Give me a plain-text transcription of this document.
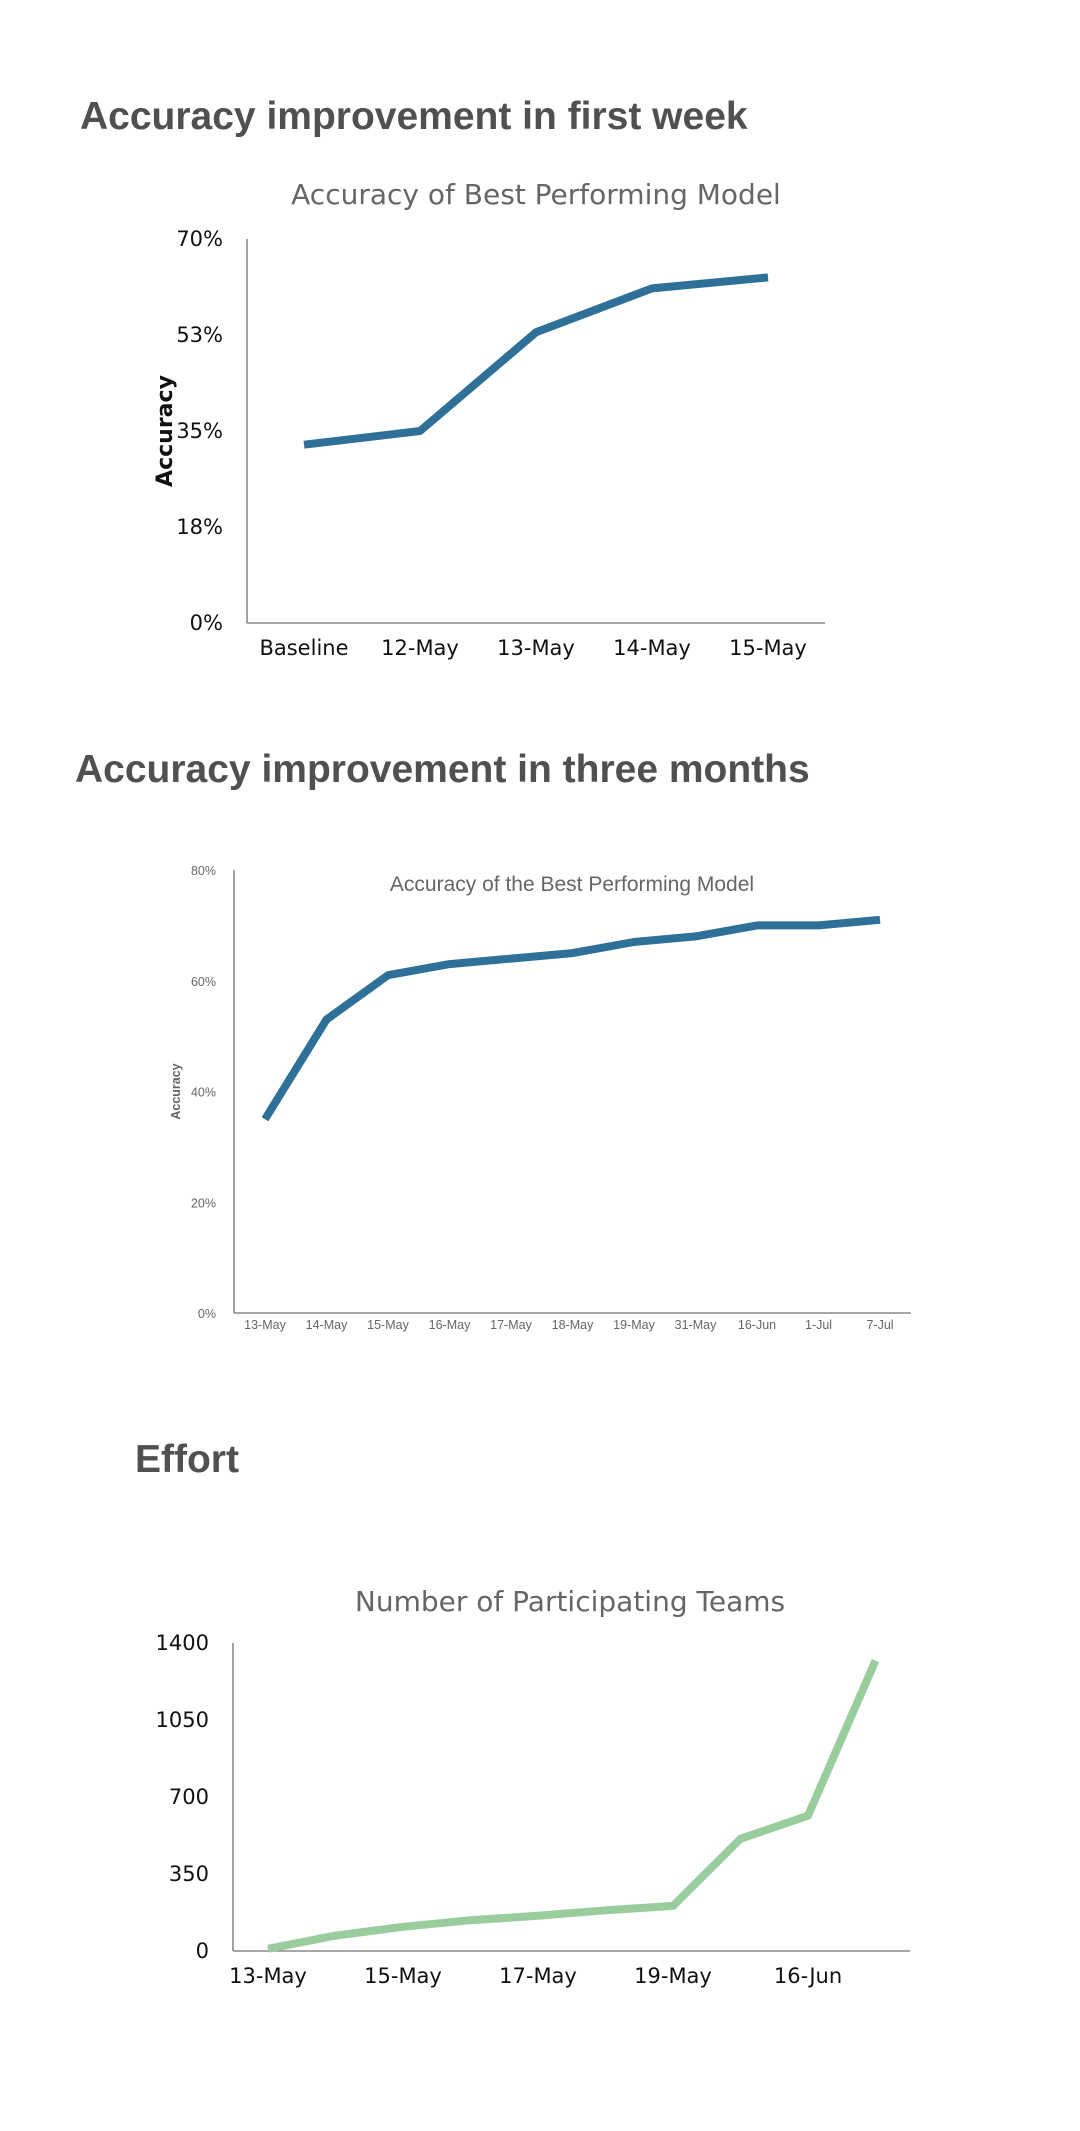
Accuracy improvement in first week
Accuracy of Best Performing Model
0%
18%
35%
53%
70%
Baseline 12-May 13-May 14-May 15-May
Accuracy
Accuracy improvement in three months
Accuracy of the Best Performing Model
0%
20%
40%
60%
80%
13-May 14-May 15-May 16-May 17-May 18-May 19-May 31-May 16-Jun 1-Jul	7-Jul
Accuracy
Effort
Number of Participating Teams
0
350
700
1050
1400
13-May	15-May	17-May	19-May	16-Jun
